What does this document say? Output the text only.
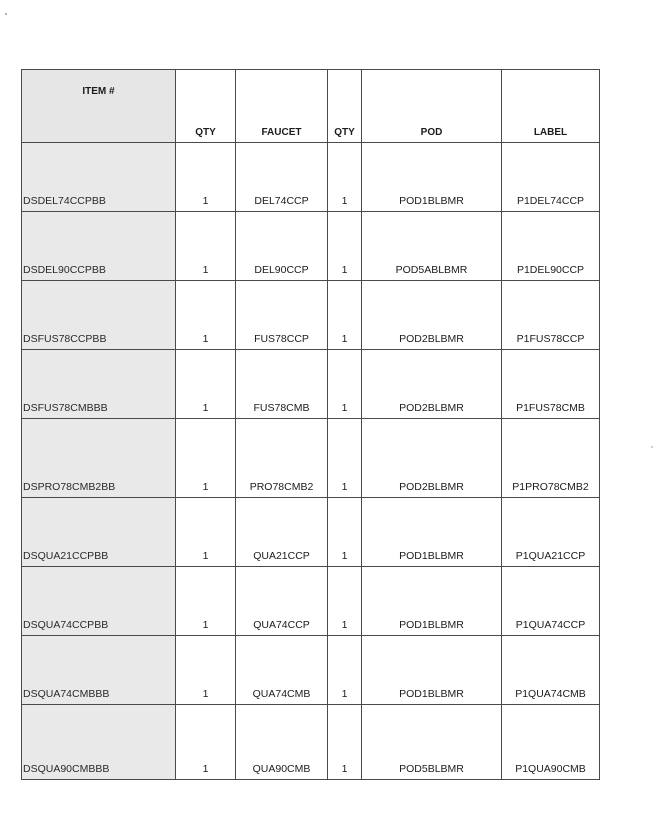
ITEM #	QTY	FAUCET	QTY	POD	LABEL
DSDEL74CCPBB	1	DEL74CCP	1	POD1BLBMR	P1DEL74CCP
DSDEL90CCPBB	1	DEL90CCP	1	POD5ABLBMR	P1DEL90CCP
DSFUS78CCPBB	1	FUS78CCP	1	POD2BLBMR	P1FUS78CCP
DSFUS78CMBBB	1	FUS78CMB	1	POD2BLBMR	P1FUS78CMB
DSPRO78CMB2BB	1	PRO78CMB2	1	POD2BLBMR	P1PRO78CMB2
DSQUA21CCPBB	1	QUA21CCP	1	POD1BLBMR	P1QUA21CCP
DSQUA74CCPBB	1	QUA74CCP	1	POD1BLBMR	P1QUA74CCP
DSQUA74CMBBB	1	QUA74CMB	1	POD1BLBMR	P1QUA74CMB
DSQUA90CMBBB	1	QUA90CMB	1	POD5BLBMR	P1QUA90CMB
